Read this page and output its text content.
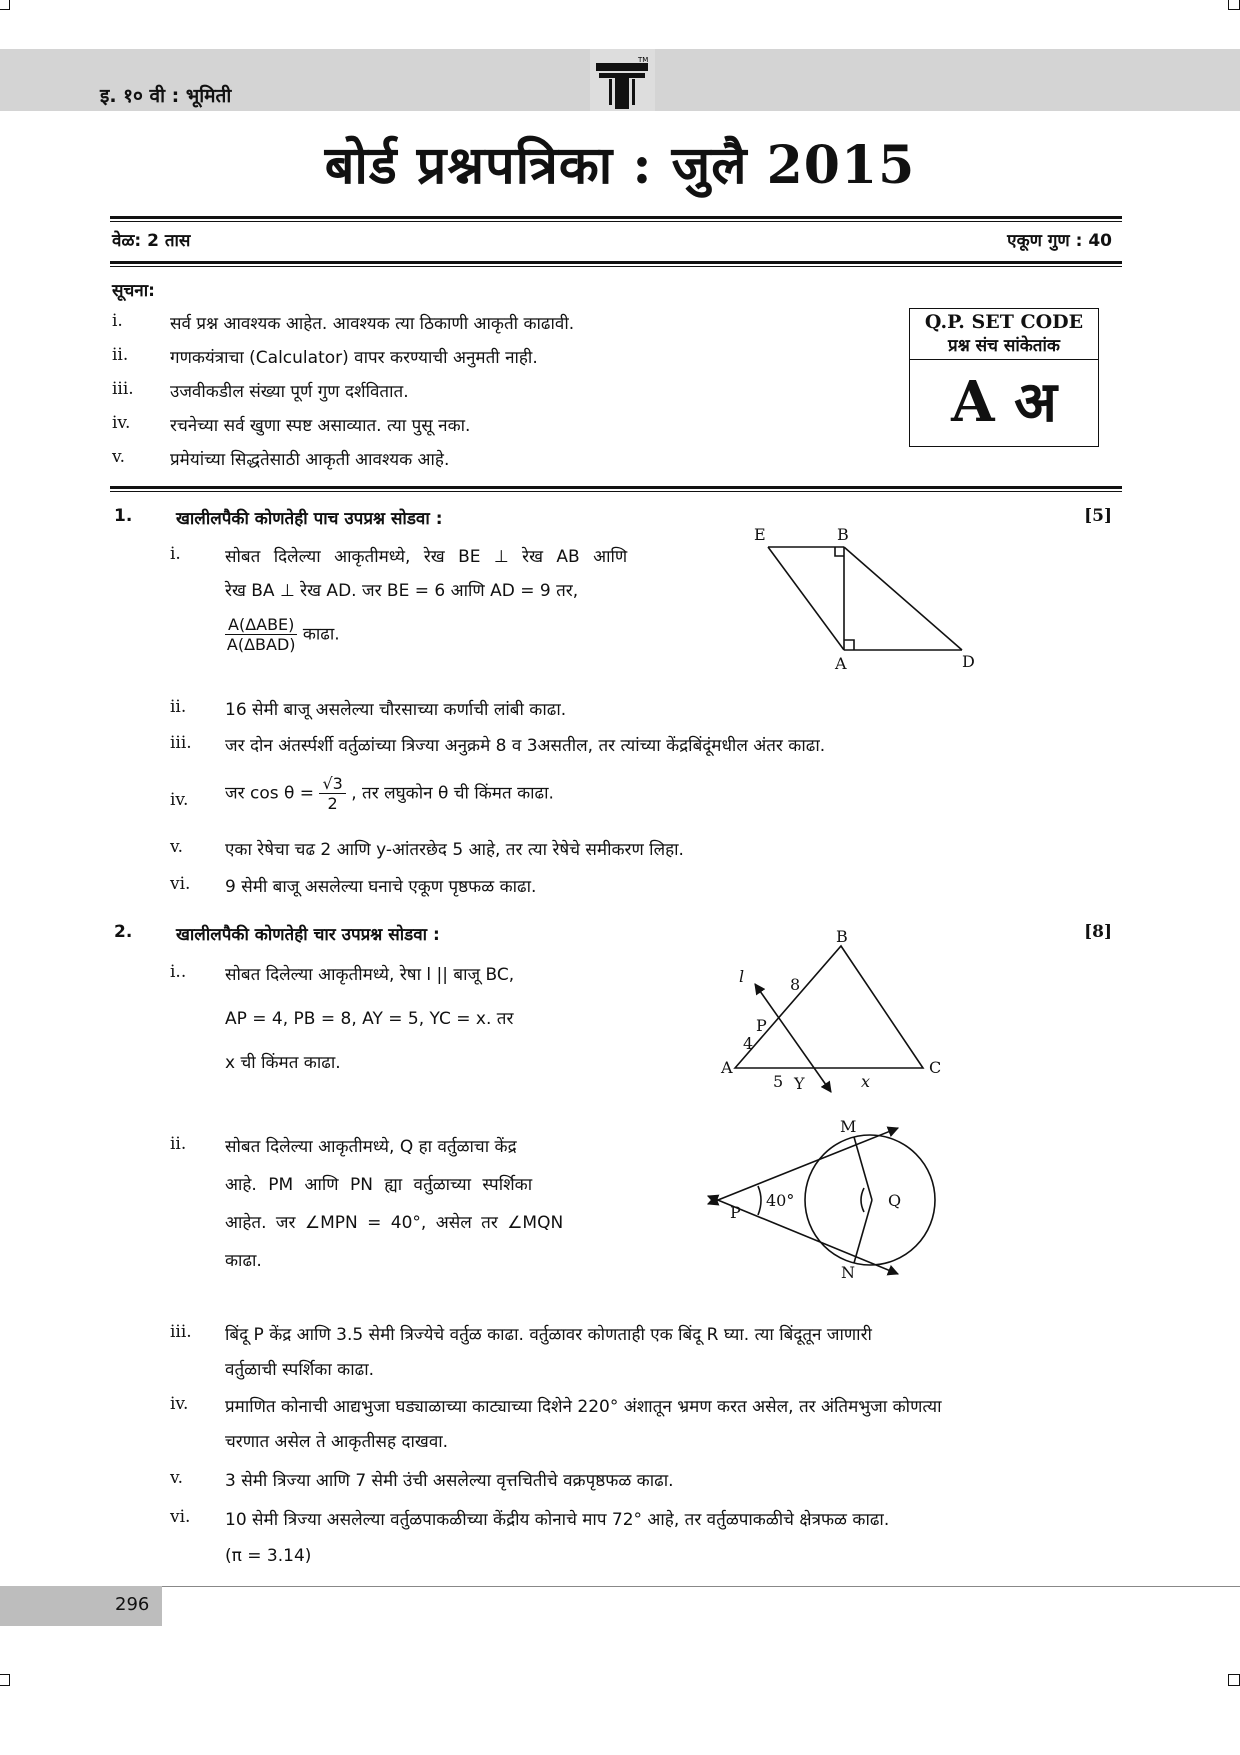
इ. १० वी : भूमिती
TM
बोर्ड प्रश्नपत्रिका : जुलै 2015
वेळ: 2 तास	एकूण गुण : 40
सूचना:
i.	सर्व प्रश्न आवश्यक आहेत. आवश्यक त्या ठिकाणी आकृती काढावी.
ii. गणकयंत्राचा (Calculator) वापर करण्याची अनुमती नाही.
iii. उजवीकडील संख्या पूर्ण गुण दर्शवितात.
iv. रचनेच्या सर्व खुणा स्पष्ट असाव्यात. त्या पुसू नका.
v.	प्रमेयांच्या सिद्धतेसाठी आकृती आवश्यक आहे.
Q.P. SET CODE
प्रश्न संच सांकेतांक
A अ
1.	खालीलपैकी कोणतेही पाच उपप्रश्न सोडवा :	[5]
i.	सोबत दिलेल्या आकृतीमध्ये, रेख BE ⊥ रेख AB आणि
रेख BA ⊥ रेख AD. जर BE = 6 आणि AD = 9 तर,
$\frac{\text{A(ΔABE)}}{\text{A(ΔBAD)}}$ काढा.
E	B
A	D
ii. 16 सेमी बाजू असलेल्या चौरसाच्या कर्णाची लांबी काढा.
iii. जर दोन अंतर्स्पर्शी वर्तुळांच्या त्रिज्या अनुक्रमे 8 व 3असतील, तर त्यांच्या केंद्रबिंदूंमधील अंतर काढा.
iv. जर $\cos \theta = \frac{√3}{2}$ , तर लघुकोन θ ची किंमत काढा.
v. एका रेषेचा चढ 2 आणि y-आंतरछेद 5 आहे, तर त्या रेषेचे समीकरण लिहा.
vi. 9 सेमी बाजू असलेल्या घनाचे एकूण पृष्ठफळ काढा.
2.	खालीलपैकी कोणतेही चार उपप्रश्न सोडवा :	[8]
i.. सोबत दिलेल्या आकृतीमध्ये, रेषा l || बाजू BC,
AP = 4, PB = 8, AY = 5, YC = x. तर
x ची किंमत काढा.
B
l	8
P
4
A
5 Y	x
C
ii. सोबत दिलेल्या आकृतीमध्ये, Q हा वर्तुळाचा केंद्र
आहे. PM आणि PN ह्या वर्तुळाच्या स्पर्शिका
आहेत. जर ∠MPN = 40°, असेल तर ∠MQN
काढा.
M
40°
P
Q
N
iii. बिंदू P केंद्र आणि 3.5 सेमी त्रिज्येचे वर्तुळ काढा. वर्तुळावर कोणताही एक बिंदू R घ्या. त्या बिंदूतून जाणारी
वर्तुळाची स्पर्शिका काढा.
iv. प्रमाणित कोनाची आद्यभुजा घड्याळाच्या काट्याच्या दिशेने 220° अंशातून भ्रमण करत असेल, तर अंतिमभुजा कोणत्या
चरणात असेल ते आकृतीसह दाखवा.
v. 3 सेमी त्रिज्या आणि 7 सेमी उंची असलेल्या वृत्तचितीचे वक्रपृष्ठफळ काढा.
vi. 10 सेमी त्रिज्या असलेल्या वर्तुळपाकळीच्या केंद्रीय कोनाचे माप 72° आहे, तर वर्तुळपाकळीचे क्षेत्रफळ काढा.
(π = 3.14)
296
